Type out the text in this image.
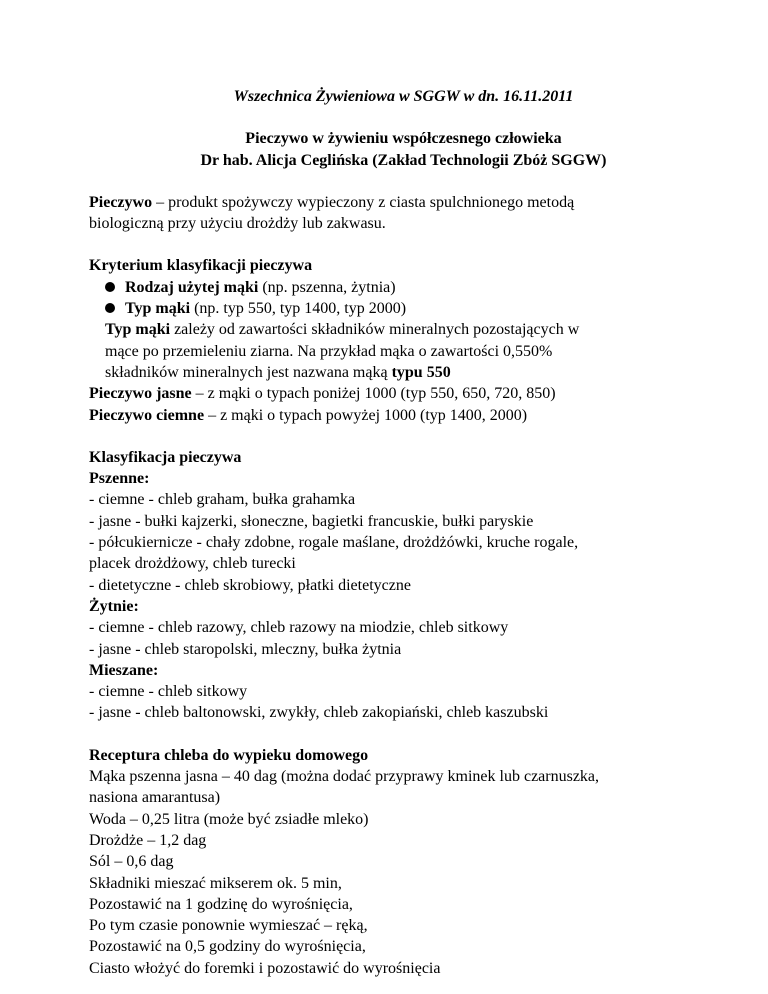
Wszechnica Żywieniowa w SGGW w dn. 16.11.2011

Pieczywo w żywieniu współczesnego człowieka

Dr hab. Alicja Ceglińska (Zakład Technologii Zbóż SGGW)

Pieczywo – produkt spożywczy wypieczony z ciasta spulchnionego metodą

biologiczną przy użyciu drożdży lub zakwasu.

Kryterium klasyfikacji pieczywa

Rodzaj użytej mąki (np. pszenna, żytnia)

Typ mąki (np. typ 550, typ 1400, typ 2000)

Typ mąki zależy od zawartości składników mineralnych pozostających w

mące po przemieleniu ziarna. Na przykład mąka o zawartości 0,550%

składników mineralnych jest nazwana mąką typu 550

Pieczywo jasne – z mąki o typach poniżej 1000 (typ 550, 650, 720, 850)

Pieczywo ciemne – z mąki o typach powyżej 1000 (typ 1400, 2000)

Klasyfikacja pieczywa

Pszenne:

- ciemne - chleb graham, bułka grahamka

- jasne - bułki kajzerki, słoneczne, bagietki francuskie, bułki paryskie

- półcukiernicze - chały zdobne, rogale maślane, drożdżówki, kruche rogale,

placek drożdżowy, chleb turecki

- dietetyczne - chleb skrobiowy, płatki dietetyczne

Żytnie:

- ciemne - chleb razowy, chleb razowy na miodzie, chleb sitkowy

- jasne - chleb staropolski, mleczny, bułka żytnia

Mieszane:

- ciemne - chleb sitkowy

- jasne - chleb baltonowski, zwykły, chleb zakopiański, chleb kaszubski

Receptura chleba do wypieku domowego

Mąka pszenna jasna – 40 dag (można dodać przyprawy kminek lub czarnuszka,

nasiona amarantusa)

Woda – 0,25 litra (może być zsiadłe mleko)

Drożdże – 1,2 dag

Sól – 0,6 dag

Składniki mieszać mikserem ok. 5 min,

Pozostawić na 1 godzinę do wyrośnięcia,

Po tym czasie ponownie wymieszać – ręką,

Pozostawić na 0,5 godziny do wyrośnięcia,

Ciasto włożyć do foremki i pozostawić do wyrośnięcia
